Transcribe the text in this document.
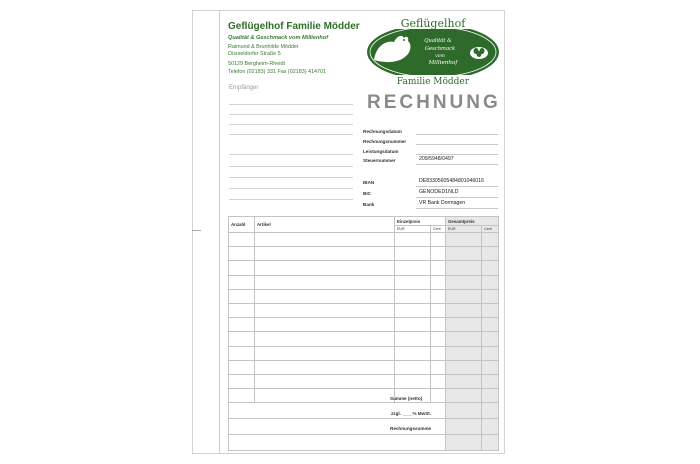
Geflügelhof Familie Mödder
Qualität & Geschmack vom Millienhof
Raimund & Brunhilde Mödder
Düsseldorfer Straße 5
50129 Bergheim-Rheidt
Telefon (02183) 331 Fax (02183) 414701
Geflügelhof
Familie Mödder
Qualität &
Geschmack
vom
Millienhof
RECHNUNG
Empfänger
Rechnungsdatum
Rechnungsnummer
Leistungsdatum
Steuernummer	209/5948/0497
IBAN	DE83305605484801046016
BIC	GENODED1NLD
Bank	VR Bank Dormagen
Anzahl	Artikel	Einzelpreis		Gesamtpreis	
		EUR	Cent	EUR	Cent

Summe (netto)
zzgl. ____% MwSt.
Rechnungssumme
